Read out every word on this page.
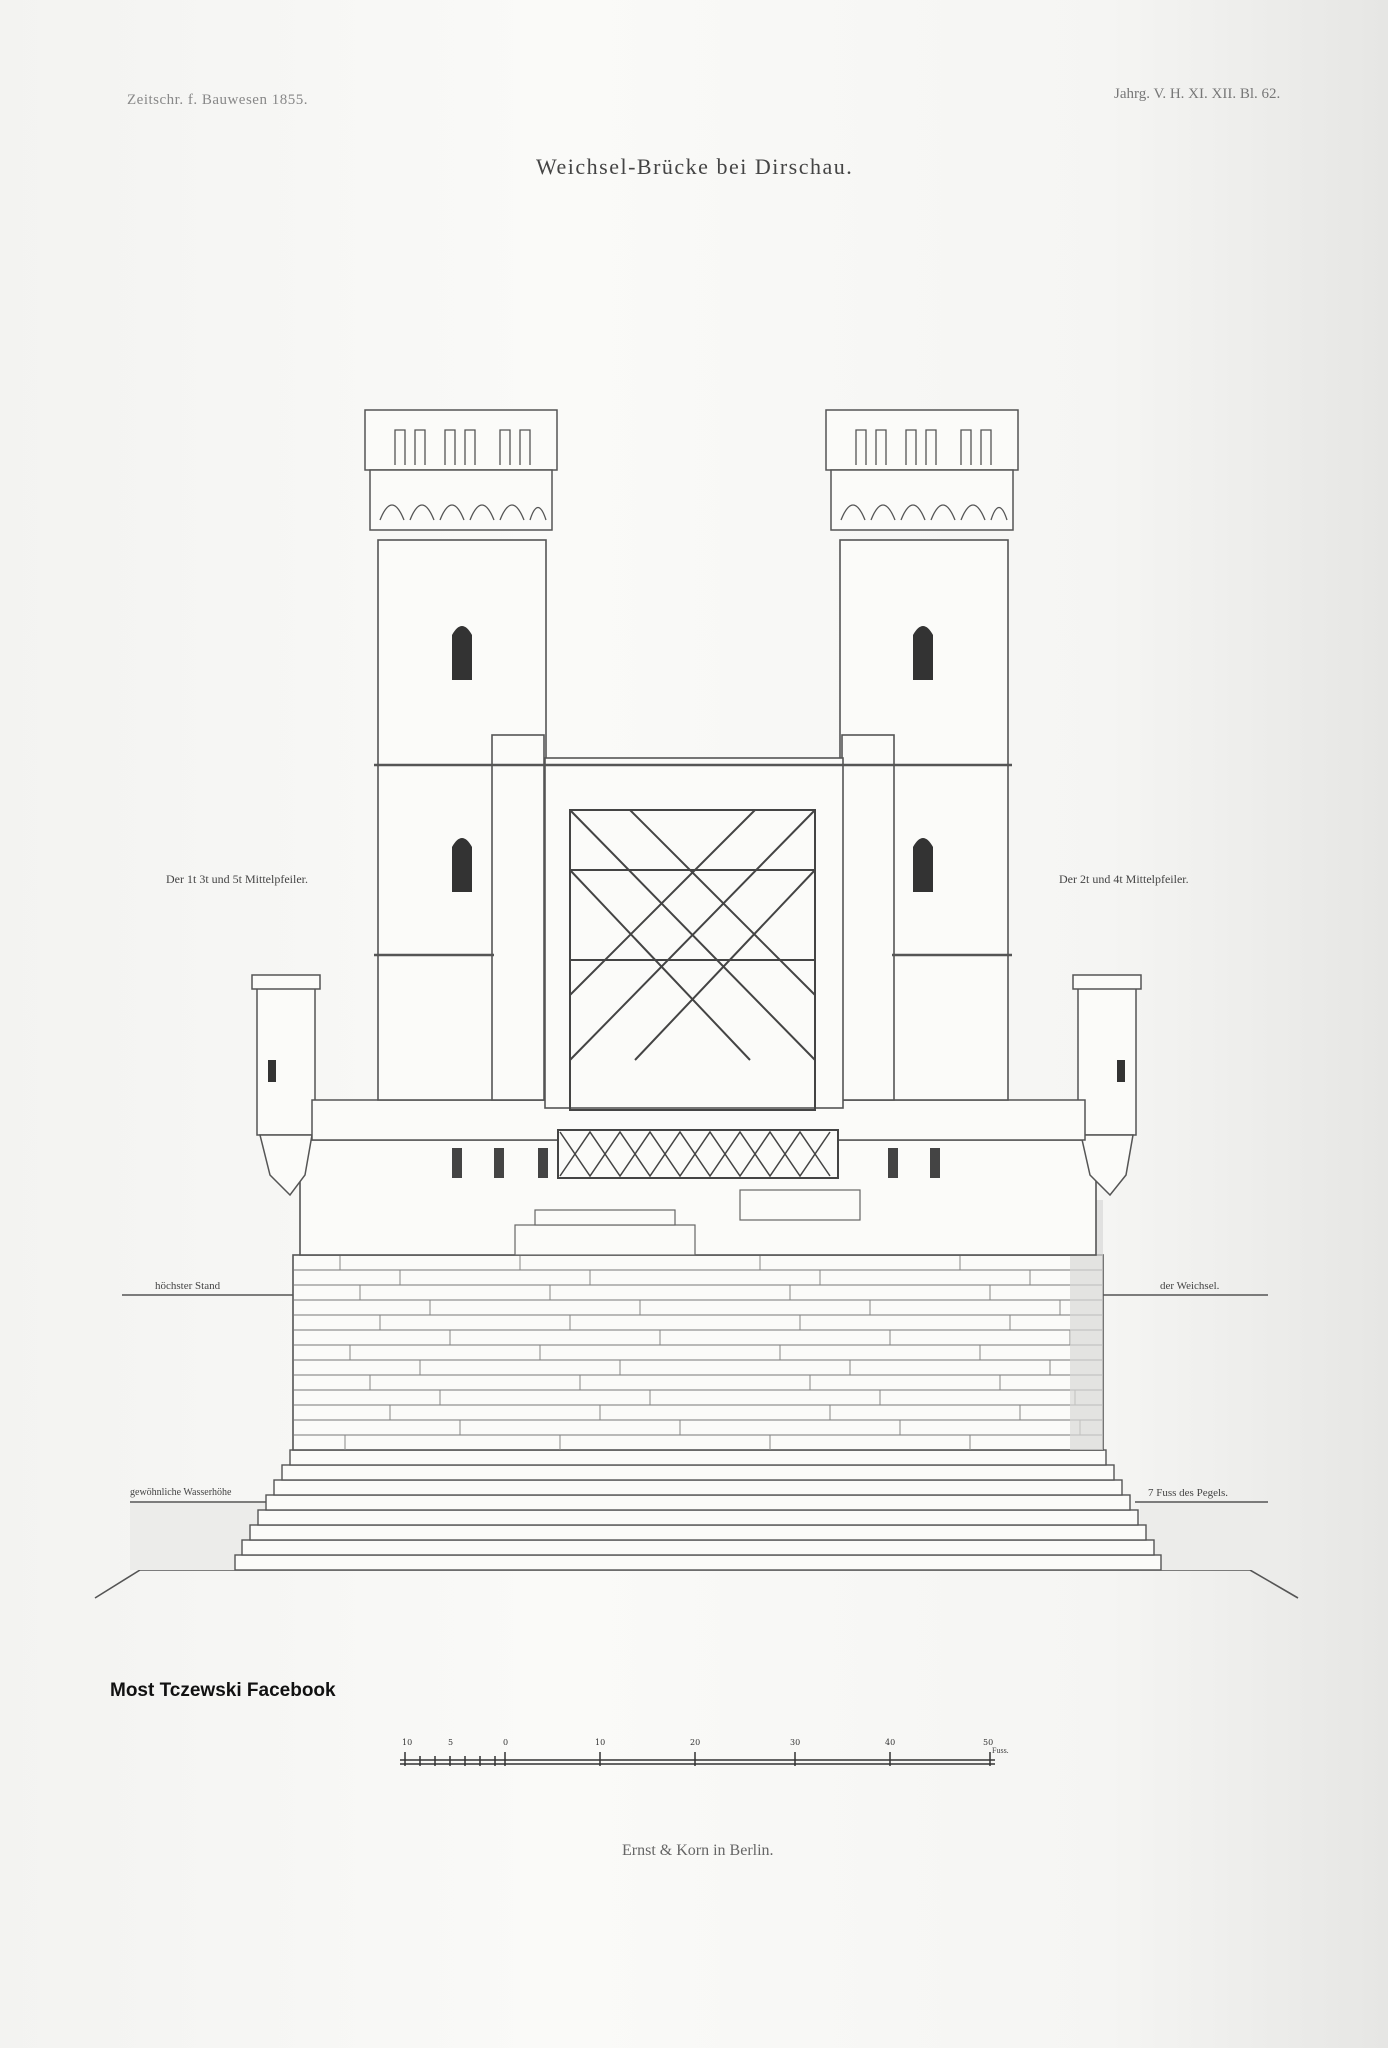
Zeitschr. f. Bauwesen 1855.	Jahrg. V. H. XI. XII. Bl. 62.
Weichsel-Brücke bei Dirschau.
Der 1t 3t und 5t Mittelpfeiler.	Der 2t und 4t Mittelpfeiler.
höchster Stand	der Weichsel.
gewöhnliche Wasserhöhe	7 Fuss des Pegels.
Most Tczewski Facebook
10	5	0	10	20	30	40	50
Fuss.
Ernst & Korn in Berlin.
